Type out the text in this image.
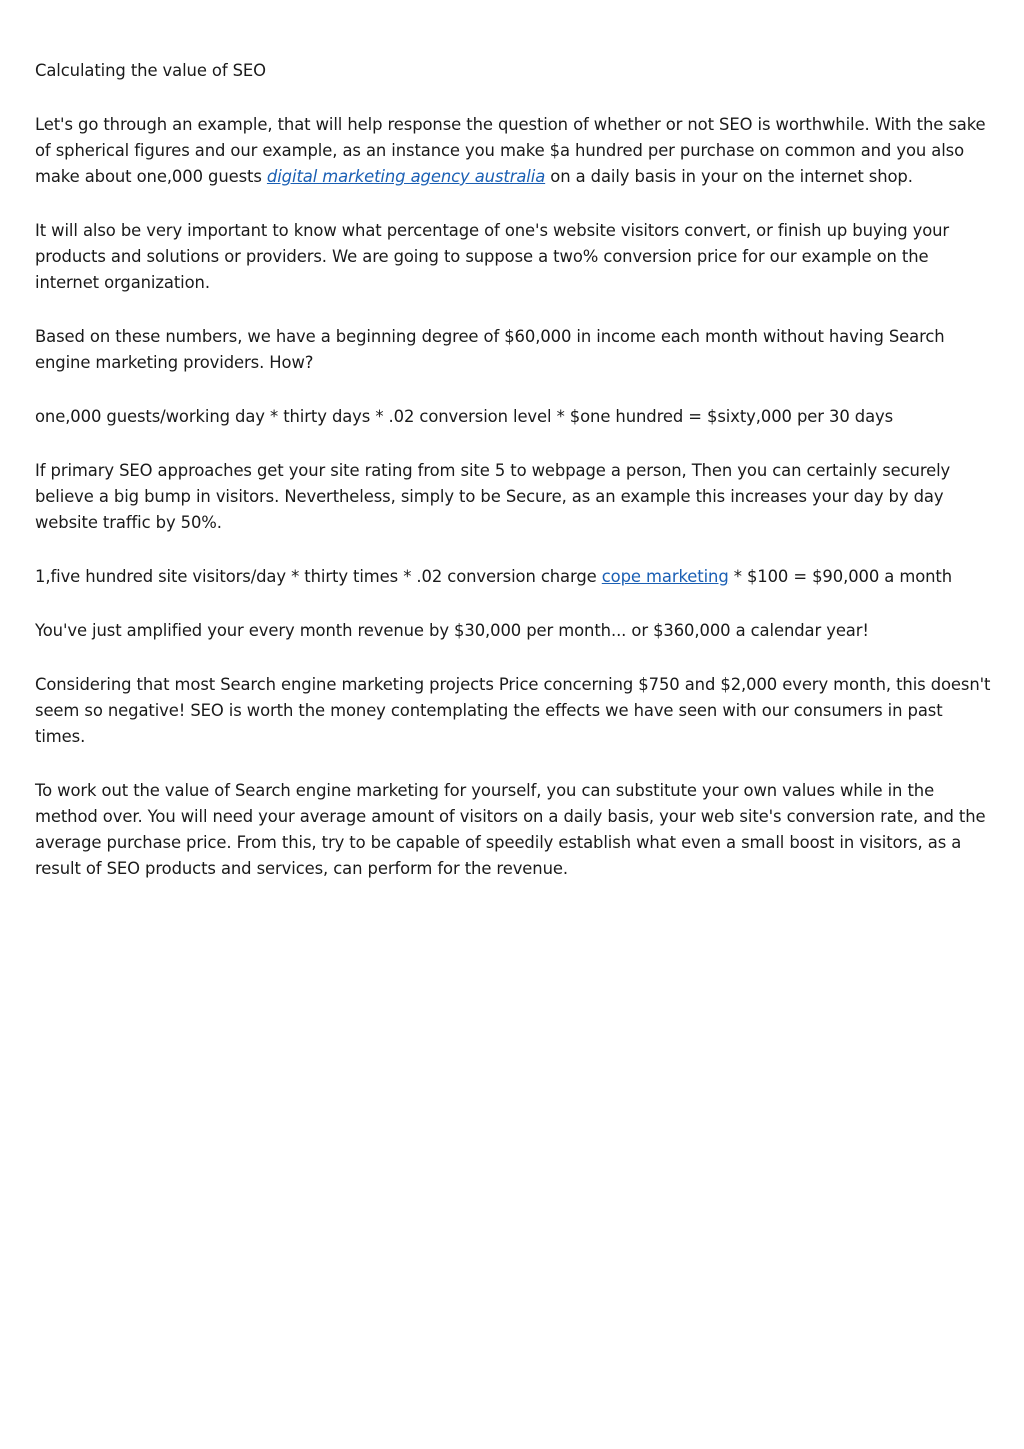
Calculating the value of SEO

Let's go through an example, that will help response the question of whether or not SEO is worthwhile. With the sake of spherical figures and our example, as an instance you make $a hundred per purchase on common and you also make about one,000 guests digital marketing agency australia on a daily basis in your on the internet shop.

It will also be very important to know what percentage of one's website visitors convert, or finish up buying your products and solutions or providers. We are going to suppose a two% conversion price for our example on the internet organization.

Based on these numbers, we have a beginning degree of $60,000 in income each month without having Search engine marketing providers. How?

one,000 guests/working day * thirty days * .02 conversion level * $one hundred = $sixty,000 per 30 days

If primary SEO approaches get your site rating from site 5 to webpage a person, Then you can certainly securely believe a big bump in visitors. Nevertheless, simply to be Secure, as an example this increases your day by day website traffic by 50%.

1,five hundred site visitors/day * thirty times * .02 conversion charge cope marketing * $100 = $90,000 a month

You've just amplified your every month revenue by $30,000 per month... or $360,000 a calendar year!

Considering that most Search engine marketing projects Price concerning $750 and $2,000 every month, this doesn't seem so negative! SEO is worth the money contemplating the effects we have seen with our consumers in past times.

To work out the value of Search engine marketing for yourself, you can substitute your own values while in the method over. You will need your average amount of visitors on a daily basis, your web site's conversion rate, and the average purchase price. From this, try to be capable of speedily establish what even a small boost in visitors, as a result of SEO products and services, can perform for the revenue.
